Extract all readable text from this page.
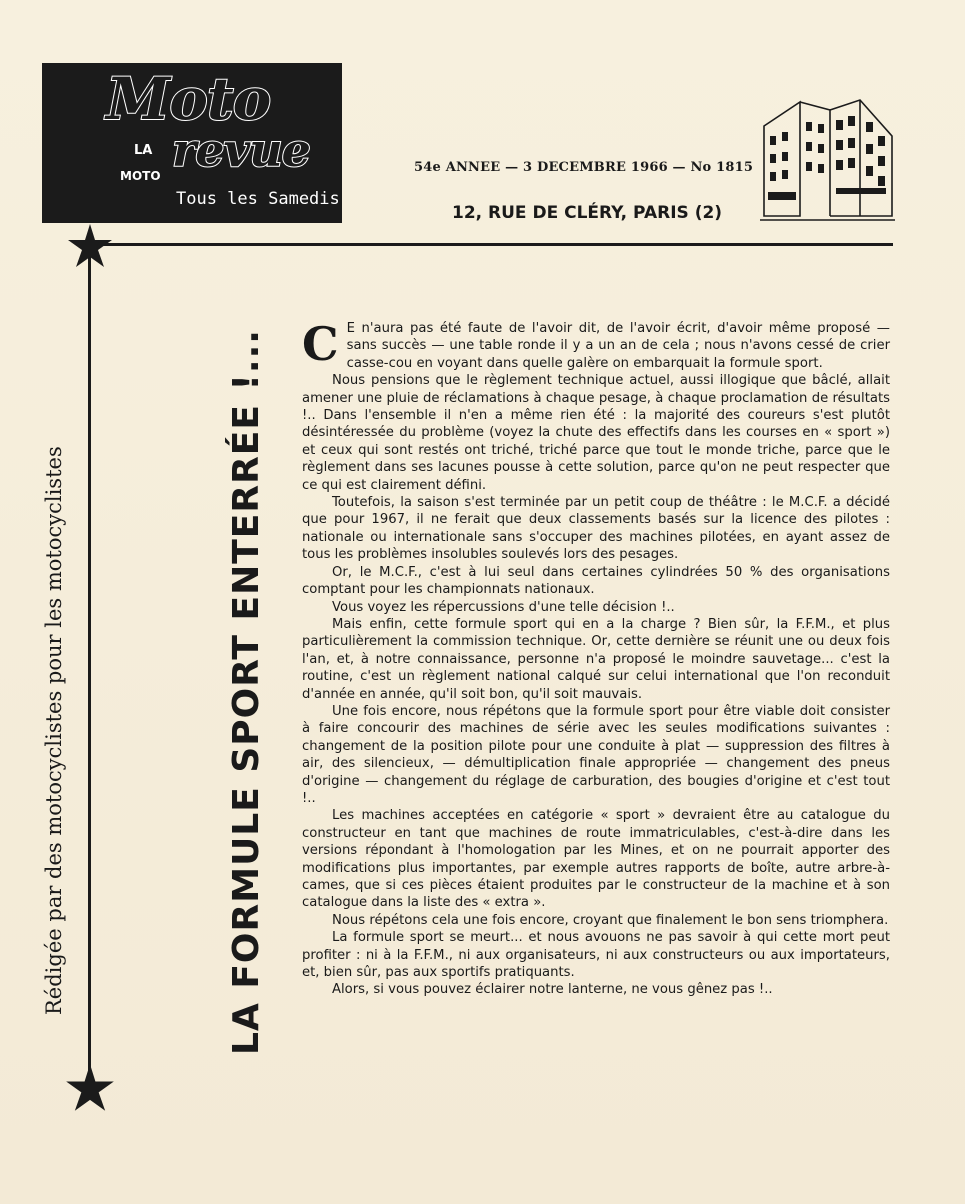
Moto
LA
MOTO revue
Tous les Samedis
54e ANNEE — 3 DECEMBRE 1966 — No 1815
12, RUE DE CLÉRY, PARIS (2)
Rédigée par des motocyclistes pour les motocyclistes	LA FORMULE SPORT ENTERRÉE !... C E n'aura pas été faute de l'avoir dit, de l'avoir écrit, d'avoir même proposé — sans succès — une table ronde il y a un an de cela ; nous n'avons cessé de crier casse-cou en voyant dans quelle galère on embarquait la formule sport.

Nous pensions que le règlement technique actuel, aussi illogique que bâclé, allait amener une pluie de réclamations à chaque pesage, à chaque proclamation de résultats !.. Dans l'ensemble il n'en a même rien été : la majorité des coureurs s'est plutôt désintéressée du problème (voyez la chute des effectifs dans les courses en « sport ») et ceux qui sont restés ont triché, triché parce que tout le monde triche, parce que le règlement dans ses lacunes pousse à cette solution, parce qu'on ne peut respecter que ce qui est clairement défini.

Toutefois, la saison s'est terminée par un petit coup de théâtre : le M.C.F. a décidé que pour 1967, il ne ferait que deux classements basés sur la licence des pilotes : nationale ou internationale sans s'occuper des machines pilotées, en ayant assez de tous les problèmes insolubles soulevés lors des pesages.

Or, le M.C.F., c'est à lui seul dans certaines cylindrées 50 % des organisations comptant pour les championnats nationaux.

Vous voyez les répercussions d'une telle décision !..

Mais enfin, cette formule sport qui en a la charge ? Bien sûr, la F.F.M., et plus particulièrement la commission technique. Or, cette dernière se réunit une ou deux fois l'an, et, à notre connaissance, personne n'a proposé le moindre sauvetage... c'est la routine, c'est un règlement national calqué sur celui international que l'on reconduit d'année en année, qu'il soit bon, qu'il soit mauvais.

Une fois encore, nous répétons que la formule sport pour être viable doit consister à faire concourir des machines de série avec les seules modifications suivantes : changement de la position pilote pour une conduite à plat — suppression des filtres à air, des silencieux, — démultiplication finale appropriée — changement des pneus d'origine — changement du réglage de carburation, des bougies d'origine et c'est tout !..

Les machines acceptées en catégorie « sport » devraient être au catalogue du constructeur en tant que machines de route immatriculables, c'est-à-dire dans les versions répondant à l'homologation par les Mines, et on ne pourrait apporter des modifications plus importantes, par exemple autres rapports de boîte, autre arbre-à-cames, que si ces pièces étaient produites par le constructeur de la machine et à son catalogue dans la liste des « extra ».

Nous répétons cela une fois encore, croyant que finalement le bon sens triomphera.

La formule sport se meurt... et nous avouons ne pas savoir à qui cette mort peut profiter : ni à la F.F.M., ni aux organisateurs, ni aux constructeurs ou aux importateurs, et, bien sûr, pas aux sportifs pratiquants.

Alors, si vous pouvez éclairer notre lanterne, ne vous gênez pas !..
